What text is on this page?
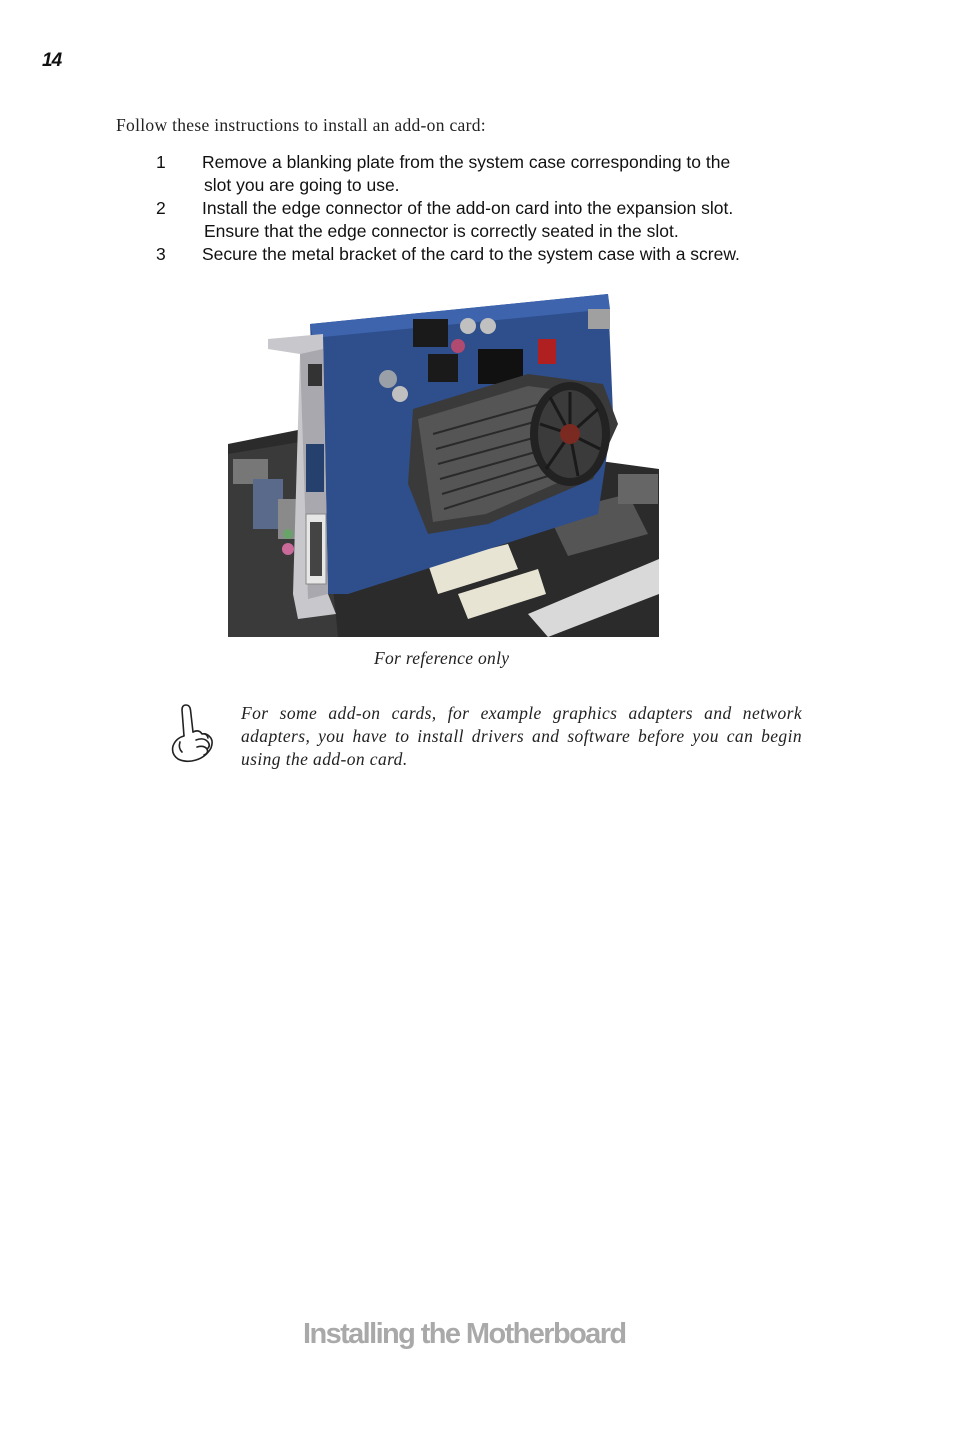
14
Follow these instructions to install an add-on card:
1	Remove a blanking plate from the system case corresponding to the
slot you are going to use.
2	Install the edge connector of the add-on card into the expansion slot.
Ensure that the edge connector is correctly seated in the slot.
3	Secure the metal bracket of the card to the system case with a screw.
For reference only
For some add-on cards, for example graphics adapters and network adapters, you have to install drivers and software before you can begin using the add-on card.
Installing the Motherboard
